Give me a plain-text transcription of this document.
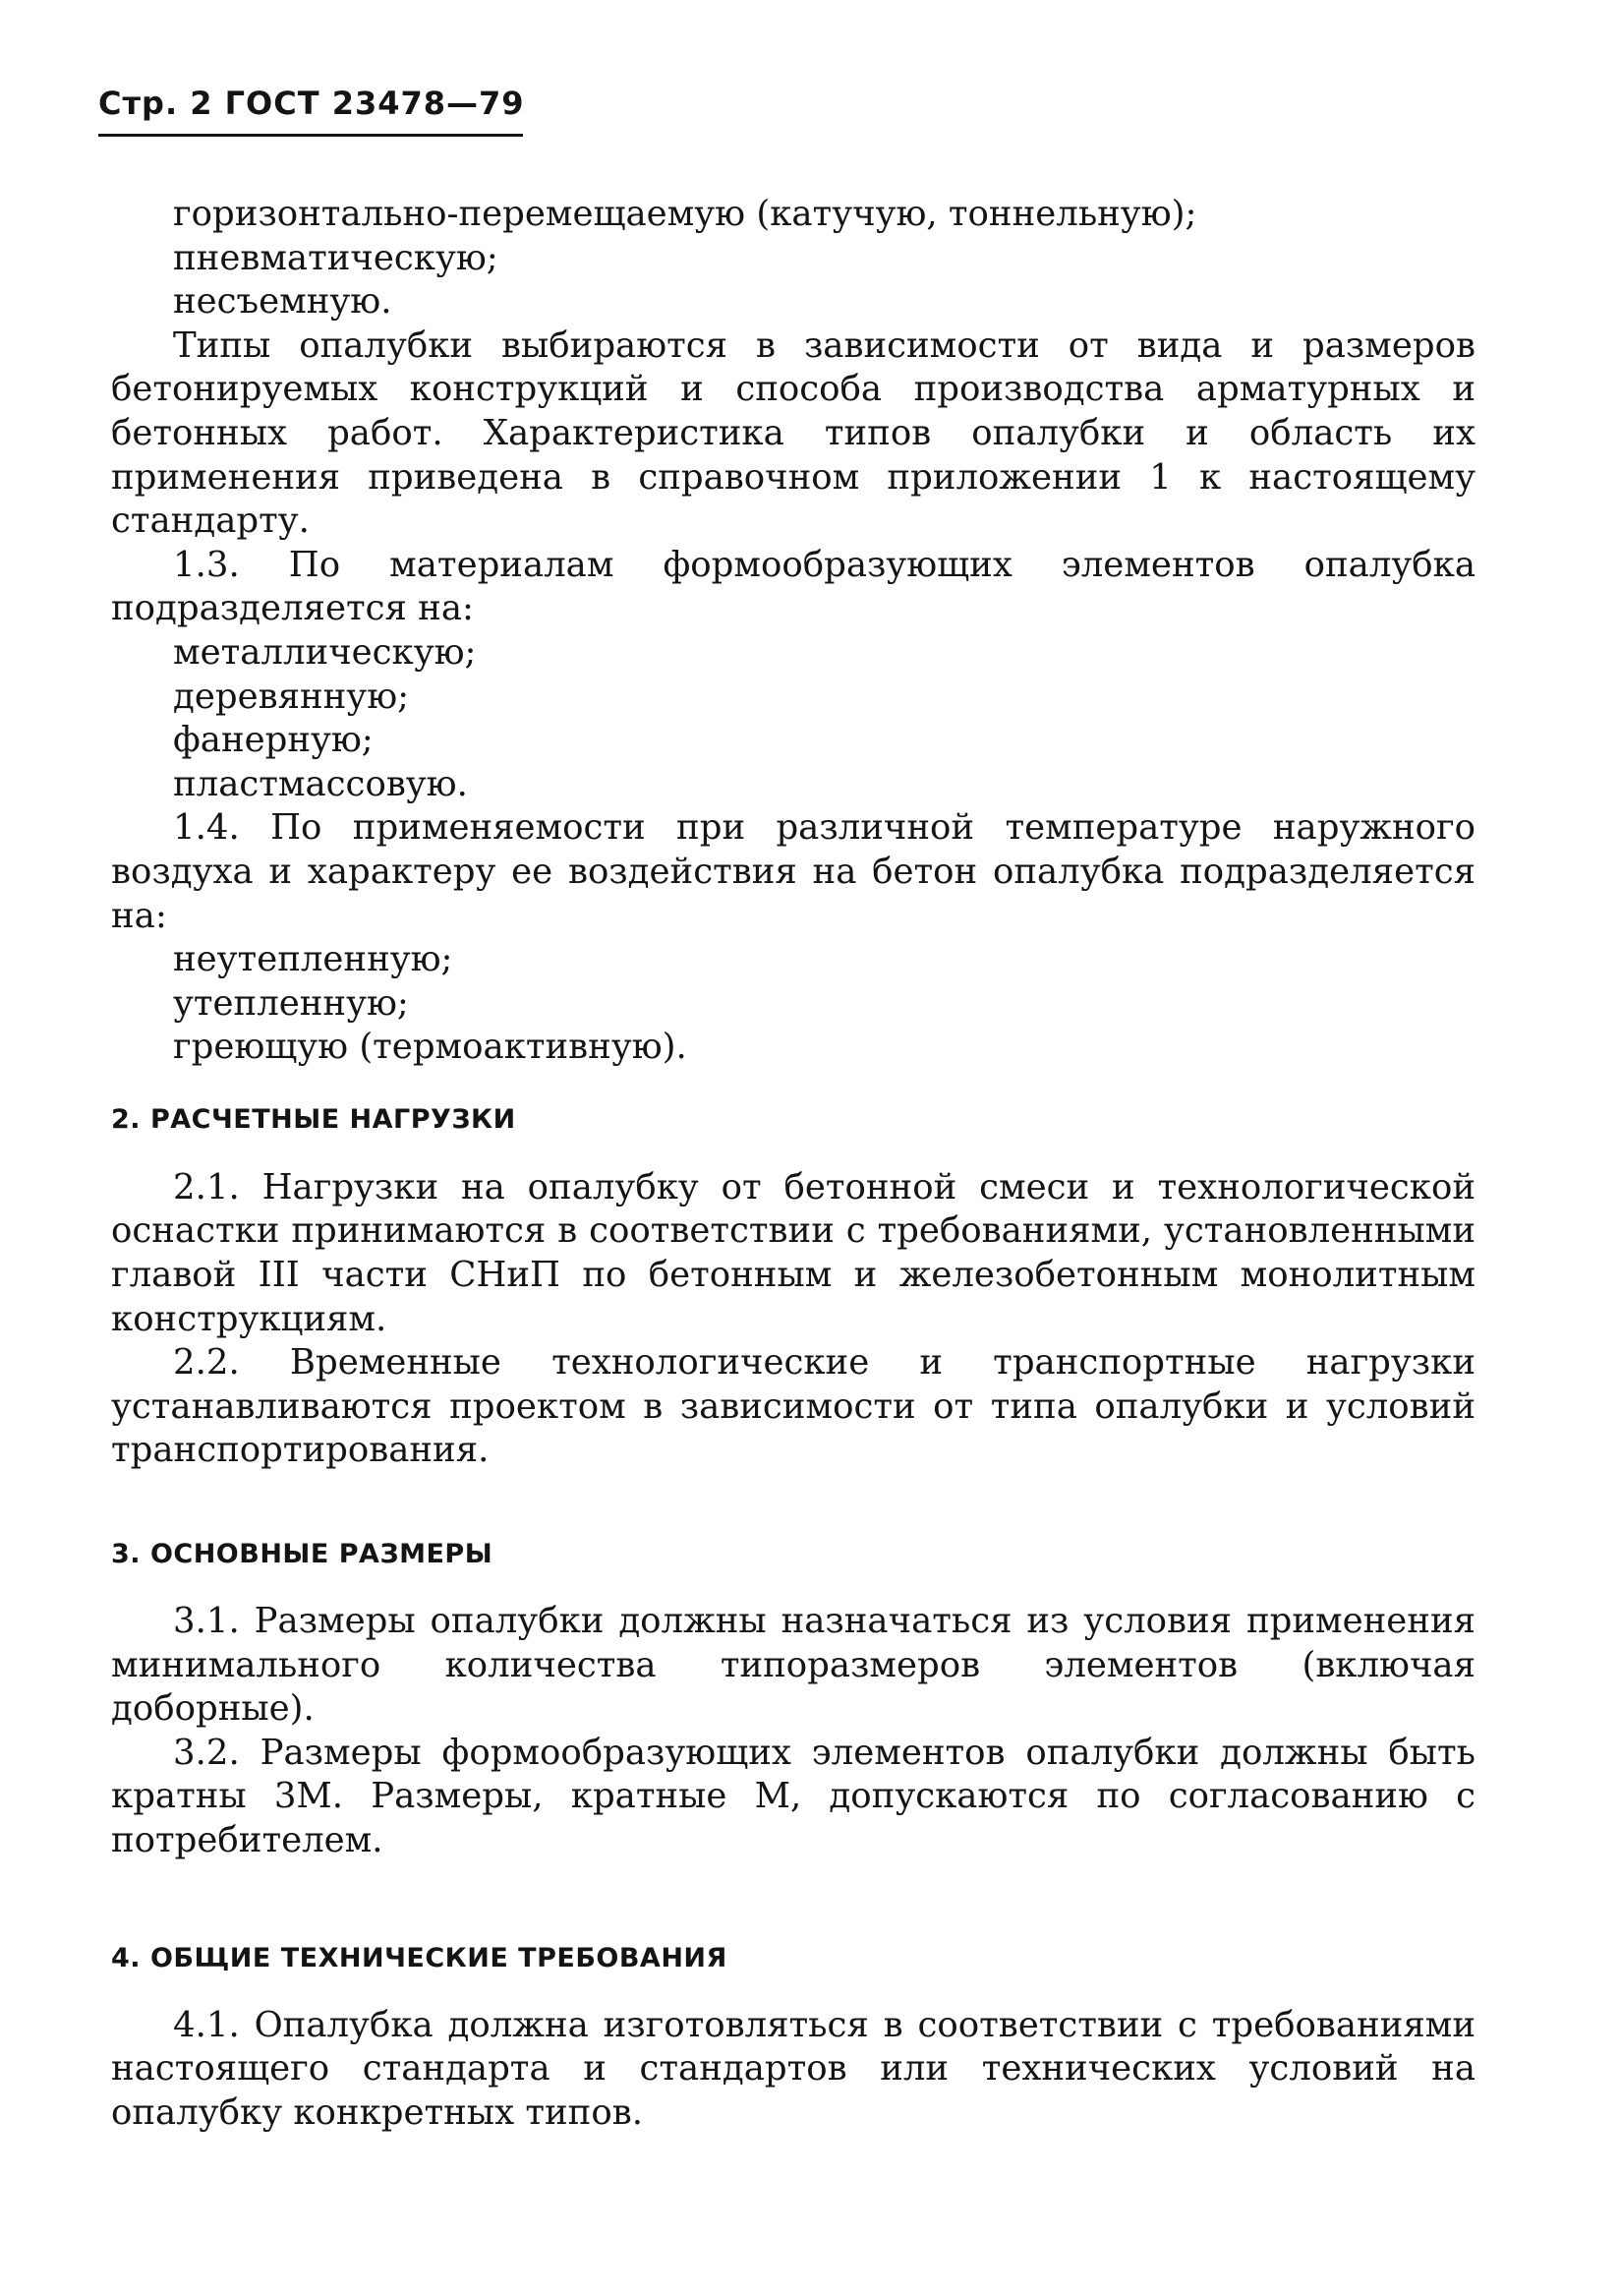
Стр. 2 ГОСТ 23478—79

горизонтально-перемещаемую (катучую, тоннельную);

пневматическую;

несъемную.

Типы опалубки выбираются в зависимости от вида и размеров бетонируемых конструкций и способа производства арматурных и бетонных работ. Характеристика типов опалубки и область их применения приведена в справочном приложении 1 к настоящему стандарту.

1.3. По материалам формообразующих элементов опалубка подразделяется на:

металлическую;

деревянную;

фанерную;

пластмассовую.

1.4. По применяемости при различной температуре наружного воздуха и характеру ее воздействия на бетон опалубка подразделяется на:

неутепленную;

утепленную;

греющую (термоактивную).

2. РАСЧЕТНЫЕ НАГРУЗКИ

2.1. Нагрузки на опалубку от бетонной смеси и технологической оснастки принимаются в соответствии с требованиями, установленными главой III части СНиП по бетонным и железобетонным монолитным конструкциям.

2.2. Временные технологические и транспортные нагрузки устанавливаются проектом в зависимости от типа опалубки и условий транспортирования.

3. ОСНОВНЫЕ РАЗМЕРЫ

3.1. Размеры опалубки должны назначаться из условия применения минимального количества типоразмеров элементов (включая доборные).

3.2. Размеры формообразующих элементов опалубки должны быть кратны 3М. Размеры, кратные М, допускаются по согласованию с потребителем.

4. ОБЩИЕ ТЕХНИЧЕСКИЕ ТРЕБОВАНИЯ

4.1. Опалубка должна изготовляться в соответствии с требованиями настоящего стандарта и стандартов или технических условий на опалубку конкретных типов.
